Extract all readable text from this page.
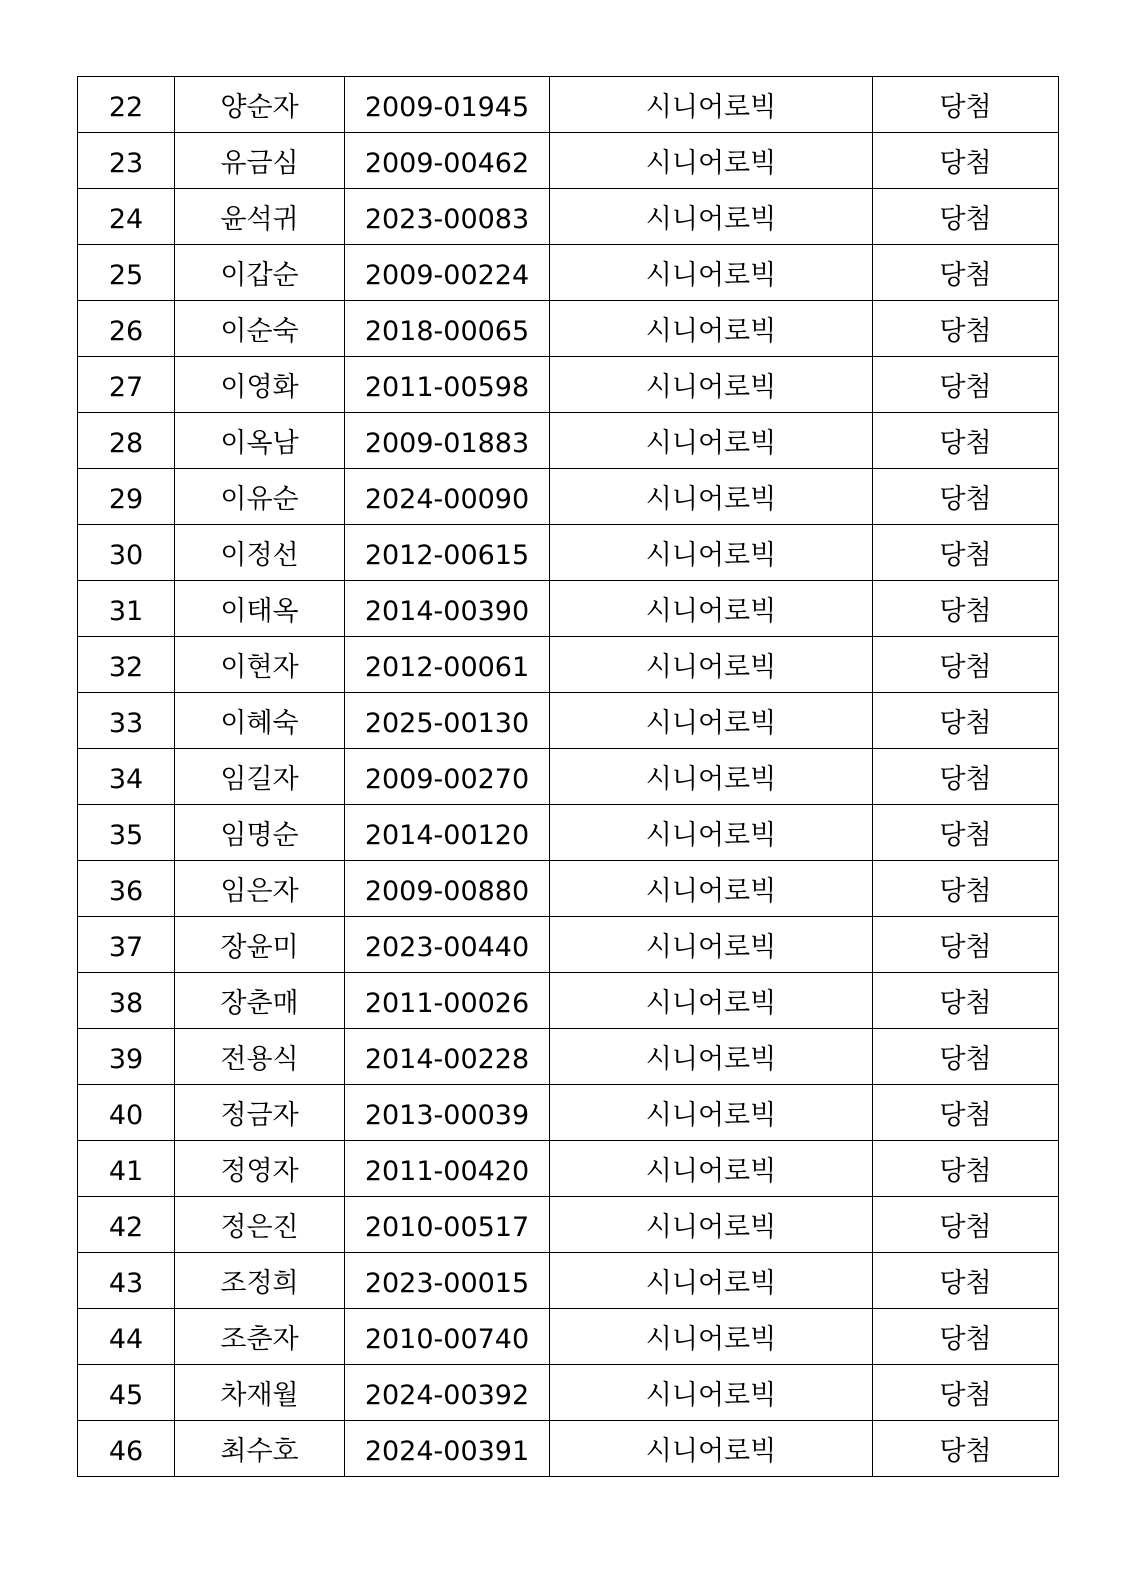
22	양순자	2009-01945	시니어로빅	당첨
23	유금심	2009-00462	시니어로빅	당첨
24	윤석귀	2023-00083	시니어로빅	당첨
25	이갑순	2009-00224	시니어로빅	당첨
26	이순숙	2018-00065	시니어로빅	당첨
27	이영화	2011-00598	시니어로빅	당첨
28	이옥남	2009-01883	시니어로빅	당첨
29	이유순	2024-00090	시니어로빅	당첨
30	이정선	2012-00615	시니어로빅	당첨
31	이태옥	2014-00390	시니어로빅	당첨
32	이현자	2012-00061	시니어로빅	당첨
33	이혜숙	2025-00130	시니어로빅	당첨
34	임길자	2009-00270	시니어로빅	당첨
35	임명순	2014-00120	시니어로빅	당첨
36	임은자	2009-00880	시니어로빅	당첨
37	장윤미	2023-00440	시니어로빅	당첨
38	장춘매	2011-00026	시니어로빅	당첨
39	전용식	2014-00228	시니어로빅	당첨
40	정금자	2013-00039	시니어로빅	당첨
41	정영자	2011-00420	시니어로빅	당첨
42	정은진	2010-00517	시니어로빅	당첨
43	조정희	2023-00015	시니어로빅	당첨
44	조춘자	2010-00740	시니어로빅	당첨
45	차재월	2024-00392	시니어로빅	당첨
46	최수호	2024-00391	시니어로빅	당첨
